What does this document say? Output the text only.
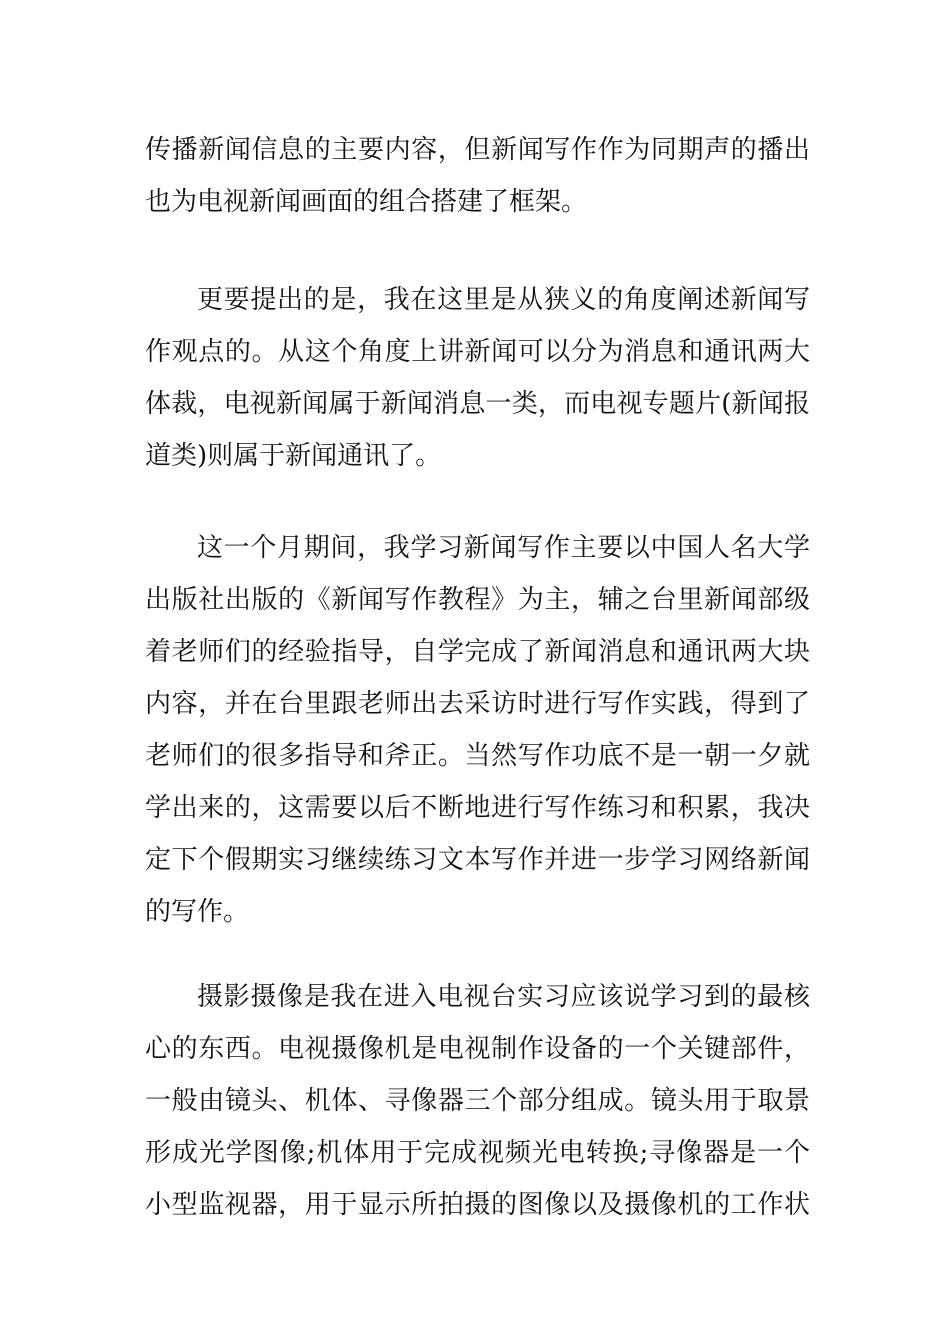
传播新闻信息的主要内容，但新闻写作作为同期声的播出
也为电视新闻画面的组合搭建了框架。
更要提出的是，我在这里是从狭义的角度阐述新闻写
作观点的。从这个角度上讲新闻可以分为消息和通讯两大
体裁，电视新闻属于新闻消息一类，而电视专题片(新闻报
道类)则属于新闻通讯了。
这一个月期间，我学习新闻写作主要以中国人名大学
出版社出版的《新闻写作教程》为主，辅之台里新闻部级
着老师们的经验指导，自学完成了新闻消息和通讯两大块
内容，并在台里跟老师出去采访时进行写作实践，得到了
老师们的很多指导和斧正。当然写作功底不是一朝一夕就
学出来的，这需要以后不断地进行写作练习和积累，我决
定下个假期实习继续练习文本写作并进一步学习网络新闻
的写作。
摄影摄像是我在进入电视台实习应该说学习到的最核
心的东西。电视摄像机是电视制作设备的一个关键部件，
一般由镜头、机体、寻像器三个部分组成。镜头用于取景
形成光学图像;机体用于完成视频光电转换;寻像器是一个
小型监视器，用于显示所拍摄的图像以及摄像机的工作状
